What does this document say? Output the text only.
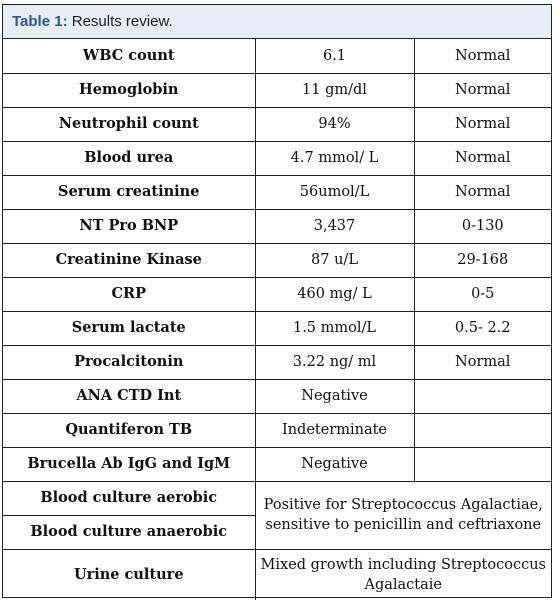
Table 1: Results review.
WBC count	6.1	Normal
Hemoglobin	11 gm/dl	Normal
Neutrophil count	94%	Normal
Blood urea	4.7 mmol/ L	Normal
Serum creatinine	56umol/L	Normal
NT Pro BNP	3,437	0-130
Creatinine Kinase	87 u/L	29-168
CRP	460 mg/ L	0-5
Serum lactate	1.5 mmol/L	0.5- 2.2
Procalcitonin	3.22 ng/ ml	Normal
ANA CTD Int	Negative	
Quantiferon TB	Indeterminate	
Brucella Ab IgG and IgM	Negative	
Blood culture aerobic	Positive for Streptococcus Agalactiae, sensitive to penicillin and ceftriaxone	
Blood culture anaerobic		
Urine culture	Mixed growth including Streptococcus Agalactaie	
